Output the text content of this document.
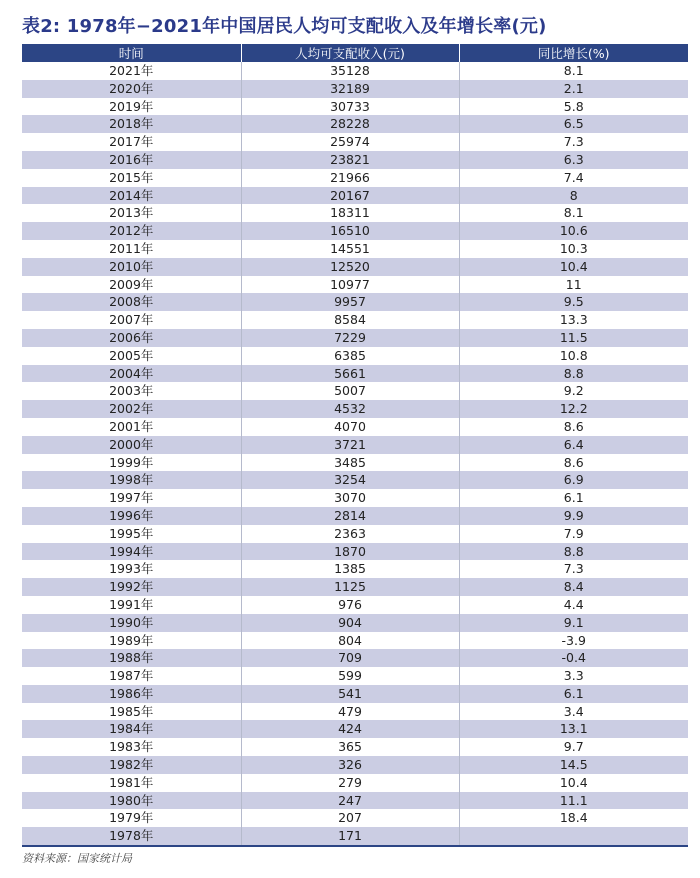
表2: 1978年−2021年中国居民人均可支配收入及年增长率(元)
时间	人均可支配收入(元)	同比增长(%)
2021年	35128	8.1
2020年	32189	2.1
2019年	30733	5.8
2018年	28228	6.5
2017年	25974	7.3
2016年	23821	6.3
2015年	21966	7.4
2014年	20167	8
2013年	18311	8.1
2012年	16510	10.6
2011年	14551	10.3
2010年	12520	10.4
2009年	10977	11
2008年	9957	9.5
2007年	8584	13.3
2006年	7229	11.5
2005年	6385	10.8
2004年	5661	8.8
2003年	5007	9.2
2002年	4532	12.2
2001年	4070	8.6
2000年	3721	6.4
1999年	3485	8.6
1998年	3254	6.9
1997年	3070	6.1
1996年	2814	9.9
1995年	2363	7.9
1994年	1870	8.8
1993年	1385	7.3
1992年	1125	8.4
1991年	976	4.4
1990年	904	9.1
1989年	804	-3.9
1988年	709	-0.4
1987年	599	3.3
1986年	541	6.1
1985年	479	3.4
1984年	424	13.1
1983年	365	9.7
1982年	326	14.5
1981年	279	10.4
1980年	247	11.1
1979年	207	18.4
1978年	171	
资料来源：国家统计局
